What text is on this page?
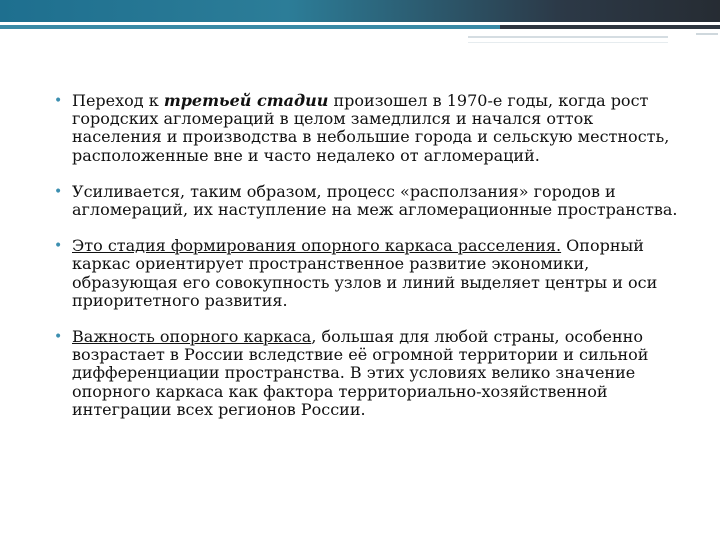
• Переход к третьей стадии произошел в 1970-е годы, когда рост городских агломераций в целом замедлился и начался отток населения и производства в небольшие города и сельскую местность, расположенные вне и часто недалеко от агломераций.
• Усиливается, таким образом, процесс «расползания» городов и агломераций, их наступление на меж агломерационные пространства.
• Это стадия формирования опорного каркаса расселения. Опорный каркас ориентирует пространственное развитие экономики, образующая его совокупность узлов и линий выделяет центры и оси приоритетного развития.
• Важность опорного каркаса, большая для любой страны, особенно возрастает в России вследствие её огромной территории и сильной дифференциации пространства. В этих условиях велико значение опорного каркаса как фактора территориально-хозяйственной интеграции всех регионов России.
